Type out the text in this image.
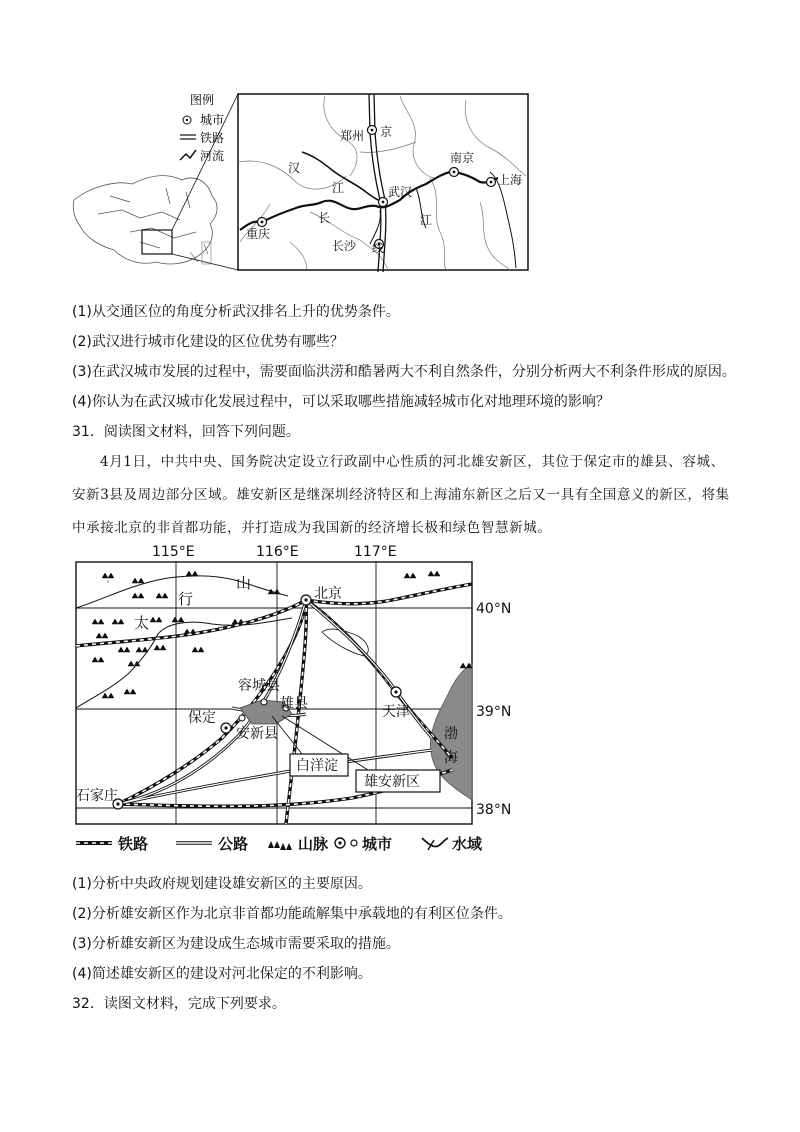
图例
城市
铁路
河流
郑州 京
南京
上海
汉
江	武汉
重庆
长	江
长沙 线
(1)从交通区位的角度分析武汉排名上升的优势条件。
(2)武汉进行城市化建设的区位优势有哪些？
(3)在武汉城市发展的过程中，需要面临洪涝和酷暑两大不利自然条件，分别分析两大不利条件形成的原因。
(4)你认为在武汉城市化发展过程中，可以采取哪些措施减轻城市化对地理环境的影响？
31．阅读图文材料，回答下列问题。
4月1日，中共中央、国务院决定设立行政副中心性质的河北雄安新区，其位于保定市的雄县、容城、安新3县及周边部分区域。雄安新区是继深圳经济特区和上海浦东新区之后又一具有全国意义的新区，将集中承接北京的非首都功能，并打造成为我国新的经济增长极和绿色智慧新城。
115°E	116°E	117°E
40°N
39°N
38°N
渤
海
山
行
太
白洋淀
雄安新区
北京
天津
保定
石家庄
容城县
雄县
安新县
铁路	公路	山脉 城市	水域
(1)分析中央政府规划建设雄安新区的主要原因。
(2)分析雄安新区作为北京非首都功能疏解集中承载地的有利区位条件。
(3)分析雄安新区为建设成生态城市需要采取的措施。
(4)简述雄安新区的建设对河北保定的不利影响。
32．读图文材料，完成下列要求。
